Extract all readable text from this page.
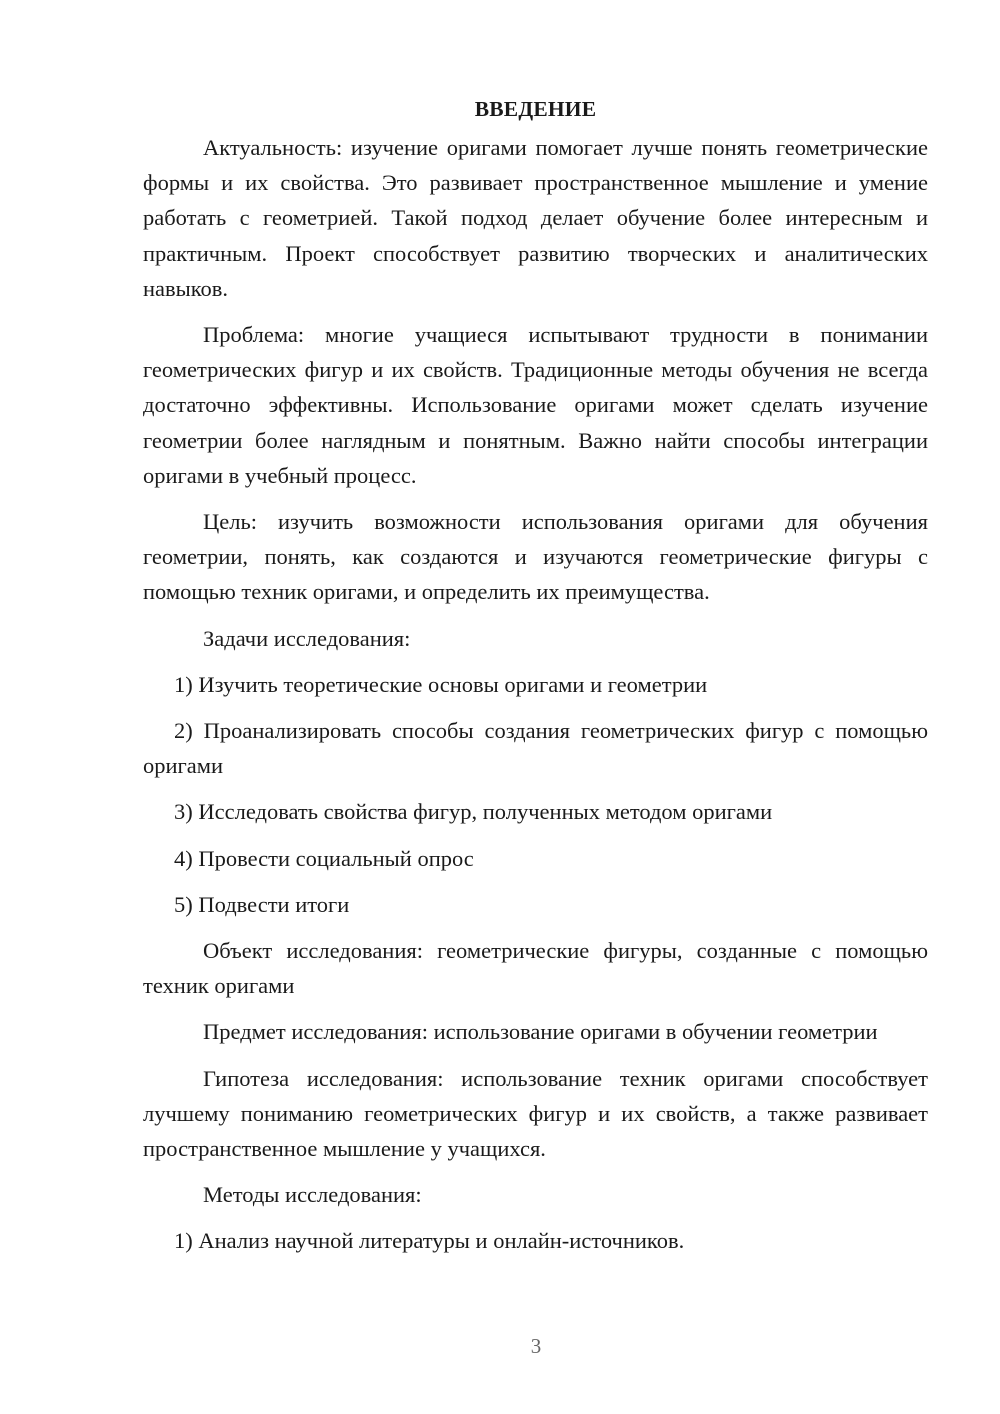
ВВЕДЕНИЕ

Актуальность: изучение оригами помогает лучше понять геометрические формы и их свойства. Это развивает пространственное мышление и умение работать с геометрией. Такой подход делает обучение более интересным и практичным. Проект способствует развитию творческих и аналитических навыков.

Проблема: многие учащиеся испытывают трудности в понимании геометрических фигур и их свойств. Традиционные методы обучения не всегда достаточно эффективны. Использование оригами может сделать изучение геометрии более наглядным и понятным. Важно найти способы интеграции оригами в учебный процесс.

Цель: изучить возможности использования оригами для обучения геометрии, понять, как создаются и изучаются геометрические фигуры с помощью техник оригами, и определить их преимущества.

Задачи исследования:

1) Изучить теоретические основы оригами и геометрии

2) Проанализировать способы создания геометрических фигур с помощью оригами

3) Исследовать свойства фигур, полученных методом оригами

4) Провести социальный опрос

5) Подвести итоги

Объект исследования: геометрические фигуры, созданные с помощью техник оригами

Предмет исследования: использование оригами в обучении геометрии

Гипотеза исследования: использование техник оригами способствует лучшему пониманию геометрических фигур и их свойств, а также развивает пространственное мышление у учащихся.

Методы исследования:

1) Анализ научной литературы и онлайн-источников.

3
